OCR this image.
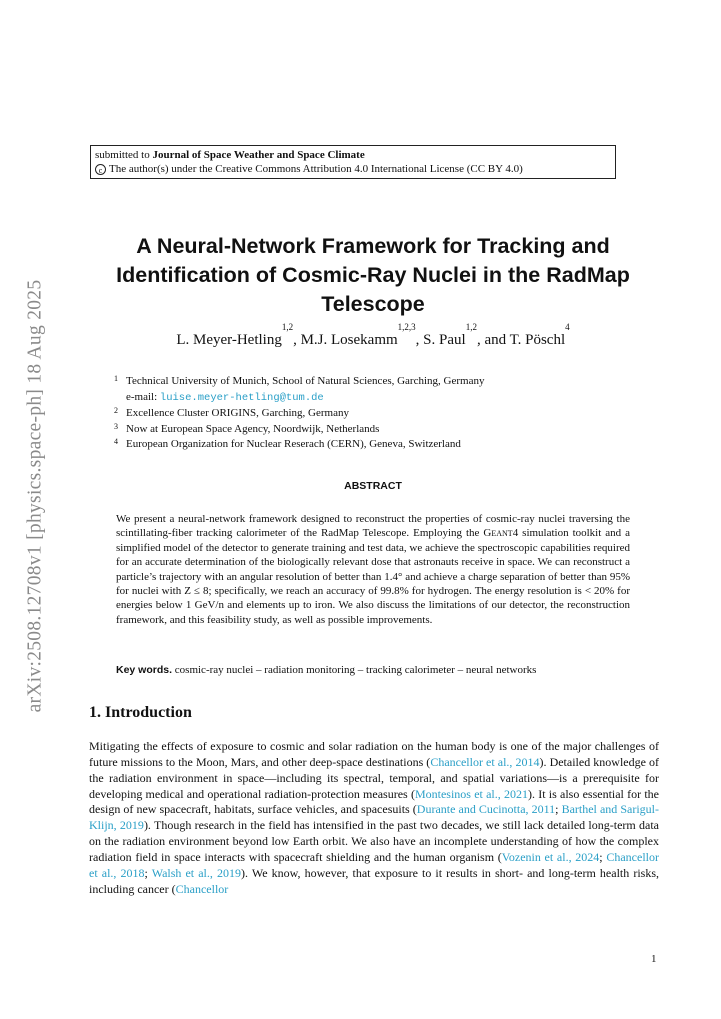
arXiv:2508.12708v1 [physics.space-ph] 18 Aug 2025
submitted to Journal of Space Weather and Space Climate
c The author(s) under the Creative Commons Attribution 4.0 International License (CC BY 4.0)
A Neural-Network Framework for Tracking and Identification of Cosmic-Ray Nuclei in the RadMap Telescope
L. Meyer-Hetling$^{1,2}$, M.J. Losekamm$^{1,2,3}$, S. Paul$^{1,2}$, and T. Pöschl$^4$
1 Technical University of Munich, School of Natural Sciences, Garching, Germany
e-mail: luise.meyer-hetling@tum.de
2 Excellence Cluster ORIGINS, Garching, Germany
3 Now at European Space Agency, Noordwijk, Netherlands
4 European Organization for Nuclear Reserach (CERN), Geneva, Switzerland
ABSTRACT

We present a neural-network framework designed to reconstruct the properties of cosmic-ray nuclei traversing the scintillating-fiber tracking calorimeter of the RadMap Telescope. Employing the Geant4 simulation toolkit and a simplified model of the detector to generate training and test data, we achieve the spectroscopic capabilities required for an accurate determination of the biologically relevant dose that astronauts receive in space. We can reconstruct a particle’s trajectory with an angular resolution of better than 1.4° and achieve a charge separation of better than 95% for nuclei with Z ≤ 8; specifically, we reach an accuracy of 99.8% for hydrogen. The energy resolution is < 20% for energies below 1 GeV/n and elements up to iron. We also discuss the limitations of our detector, the reconstruction framework, and this feasibility study, as well as possible improvements.

Key words. cosmic-ray nuclei – radiation monitoring – tracking calorimeter – neural networks
1. Introduction

Mitigating the effects of exposure to cosmic and solar radiation on the human body is one of the major challenges of future missions to the Moon, Mars, and other deep-space destinations (Chancellor et al., 2014). Detailed knowledge of the radiation environment in space—including its spectral, temporal, and spatial variations—is a prerequisite for developing medical and operational radiation-protection measures (Montesinos et al., 2021). It is also essential for the design of new spacecraft, habitats, surface vehicles, and spacesuits (Durante and Cucinotta, 2011; Barthel and Sarigul-Klijn, 2019). Though research in the field has intensified in the past two decades, we still lack detailed long-term data on the radiation environment beyond low Earth orbit. We also have an incomplete understanding of how the complex radiation field in space interacts with spacecraft shielding and the human organism (Vozenin et al., 2024; Chancellor et al., 2018; Walsh et al., 2019). We know, however, that exposure to it results in short- and long-term health risks, including cancer (Chancellor

1
